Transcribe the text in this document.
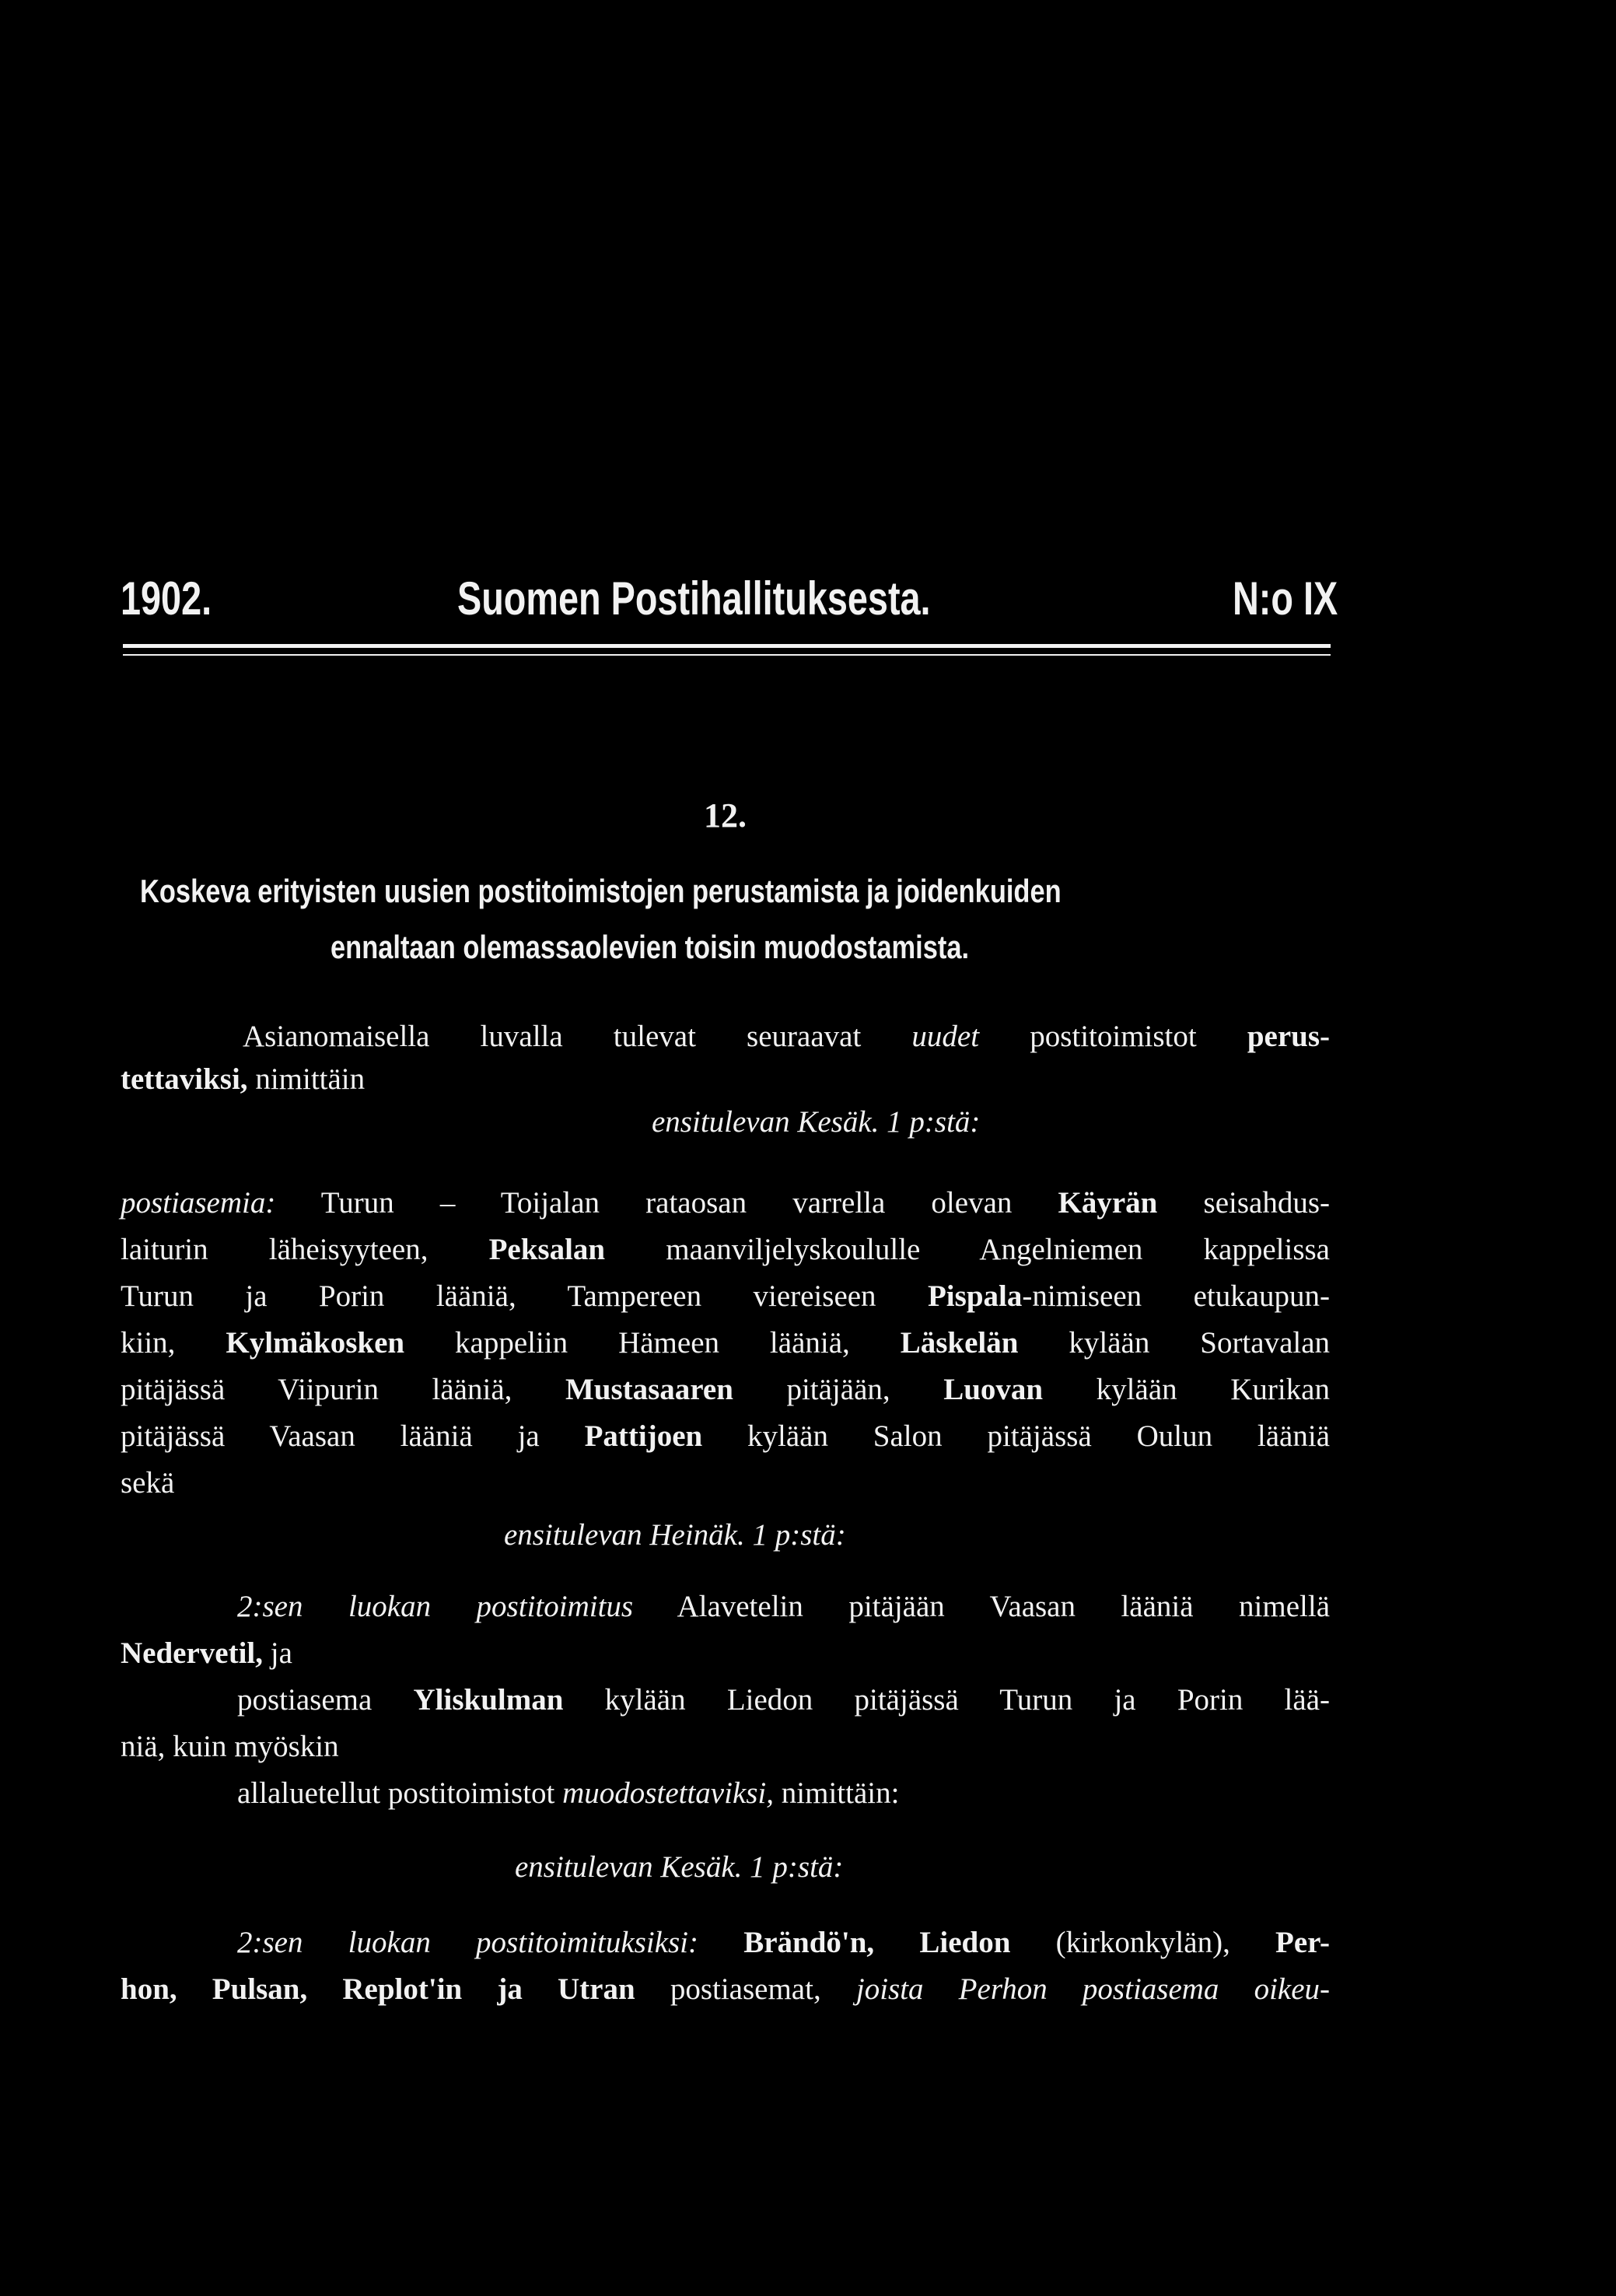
1902.	Suomen Postihallituksesta.	N:o IX
12.
Koskeva erityisten uusien postitoimistojen perustamista ja joidenkuiden
ennaltaan olemassaolevien toisin muodostamista.
Asianomaisella luvalla tulevat seuraavat uudet postitoimistot perus-
tettaviksi, nimittäin
ensitulevan Kesäk. 1 p:stä:
postiasemia: Turun – Toijalan rataosan varrella olevan Käyrän seisahdus-
laiturin läheisyyteen, Peksalan maanviljelyskoululle Angelniemen kappelissa
Turun ja Porin lääniä, Tampereen viereiseen Pispala-nimiseen etukaupun-
kiin, Kylmäkosken kappeliin Hämeen lääniä, Läskelän kylään Sortavalan
pitäjässä Viipurin lääniä, Mustasaaren pitäjään, Luovan kylään Kurikan
pitäjässä Vaasan lääniä ja Pattijoen kylään Salon pitäjässä Oulun lääniä
sekä
ensitulevan Heinäk. 1 p:stä:
2:sen luokan postitoimitus Alavetelin pitäjään Vaasan lääniä nimellä
Nedervetil, ja
postiasema Yliskulman kylään Liedon pitäjässä Turun ja Porin lää-
niä, kuin myöskin
allaluetellut postitoimistot muodostettaviksi, nimittäin:
ensitulevan Kesäk. 1 p:stä:
2:sen luokan postitoimituksiksi: Brändö'n, Liedon (kirkonkylän), Per-
hon, Pulsan, Replot'in ja Utran postiasemat, joista Perhon postiasema oikeu-
